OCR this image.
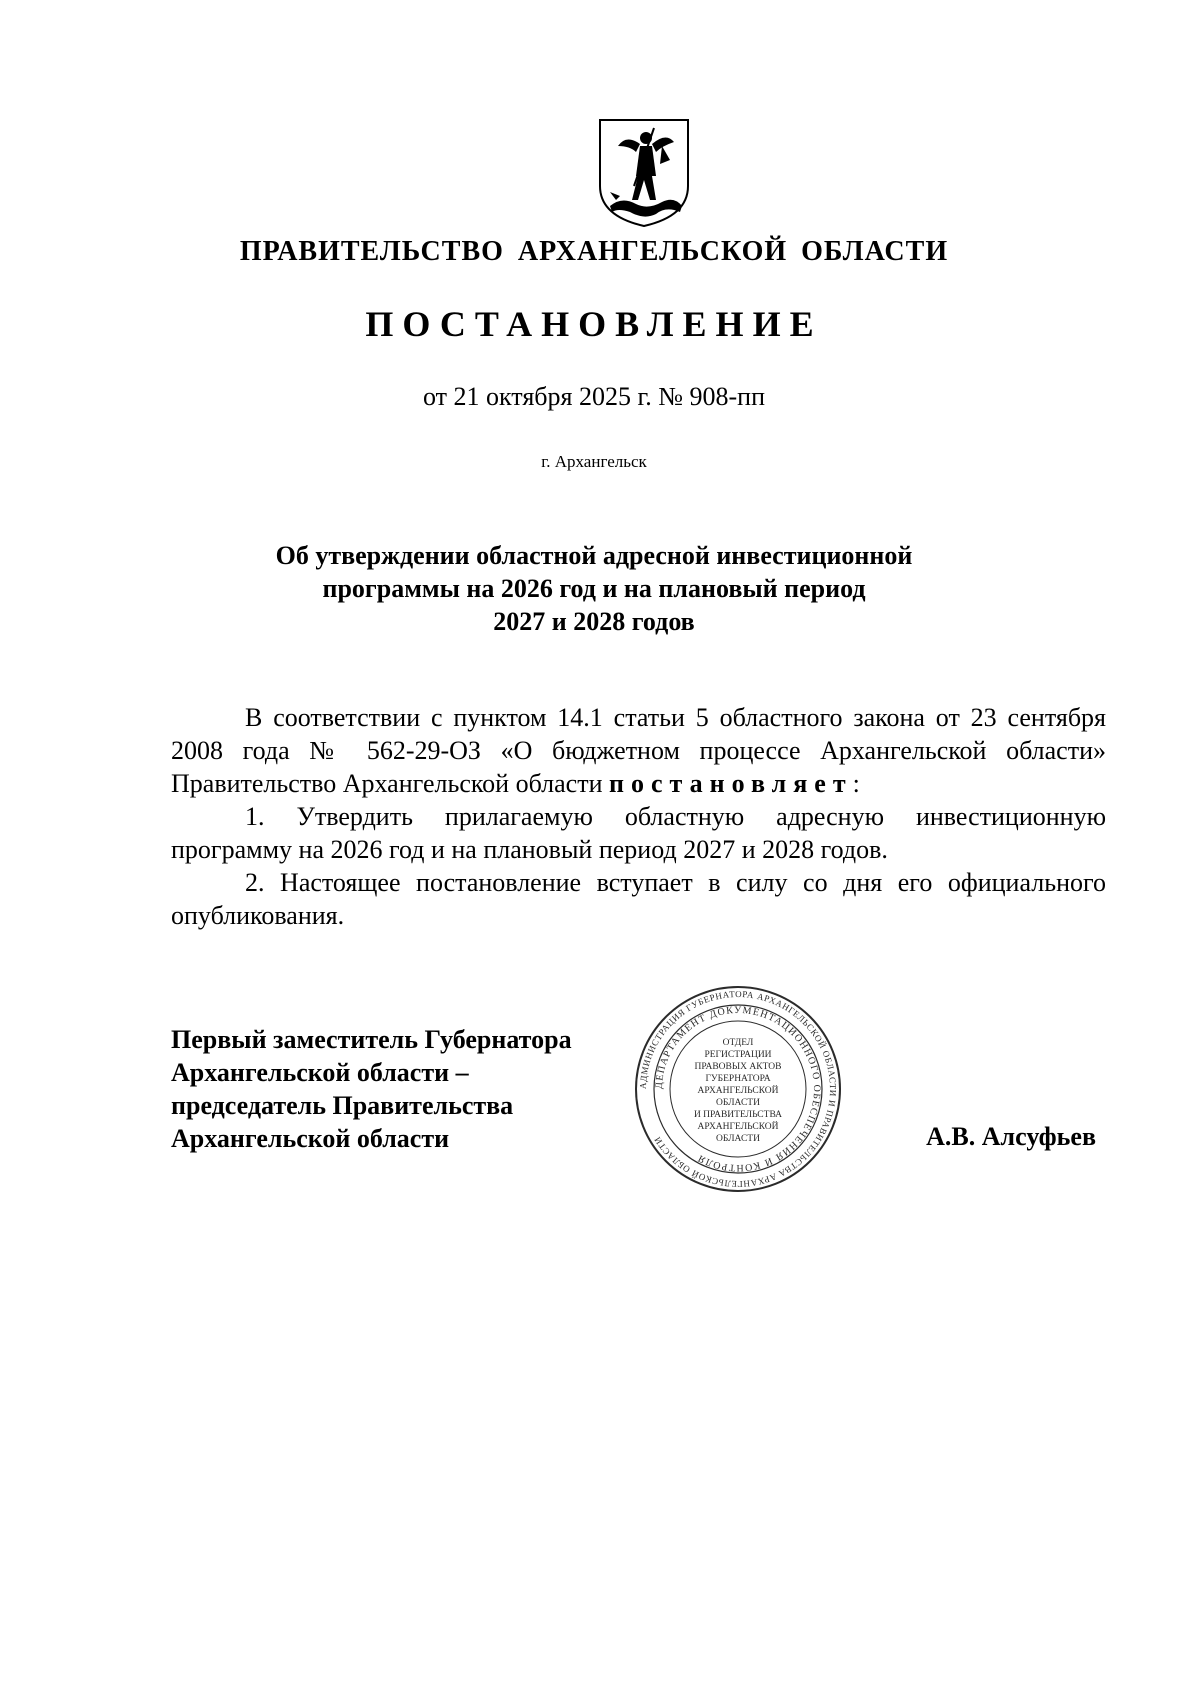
ПРАВИТЕЛЬСТВО АРХАНГЕЛЬСКОЙ ОБЛАСТИ
ПОСТАНОВЛЕНИЕ
от 21 октября 2025 г. № 908-пп
г. Архангельск
Об утверждении областной адресной инвестиционной
программы на 2026 год и на плановый период
2027 и 2028 годов

В соответствии с пунктом 14.1 статьи 5 областного закона от 23 сентября 2008 года № 562-29-ОЗ «О бюджетном процессе Архангельской области» Правительство Архангельской области постановляет:

1. Утвердить прилагаемую областную адресную инвестиционную программу на 2026 год и на плановый период 2027 и 2028 годов.

2. Настоящее постановление вступает в силу со дня его официального опубликования.

Первый заместитель Губернатора
Архангельской области –
председатель Правительства
Архангельской области
АДМИНИСТРАЦИЯ ГУБЕРНАТОРА АРХАНГЕЛЬСКОЙ ОБЛАСТИ И ПРАВИТЕЛЬСТВА АРХАНГЕЛЬСКОЙ ОБЛАСТИ
ДЕПАРТАМЕНТ ДОКУМЕНТАЦИОННОГО ОБЕСПЕЧЕНИЯ И КОНТРОЛЯ
ОТДЕЛ
РЕГИСТРАЦИИ
ПРАВОВЫХ АКТОВ
ГУБЕРНАТОРА
АРХАНГЕЛЬСКОЙ
ОБЛАСТИ
И ПРАВИТЕЛЬСТВА
АРХАНГЕЛЬСКОЙ
ОБЛАСТИ	А.В. Алсуфьев
